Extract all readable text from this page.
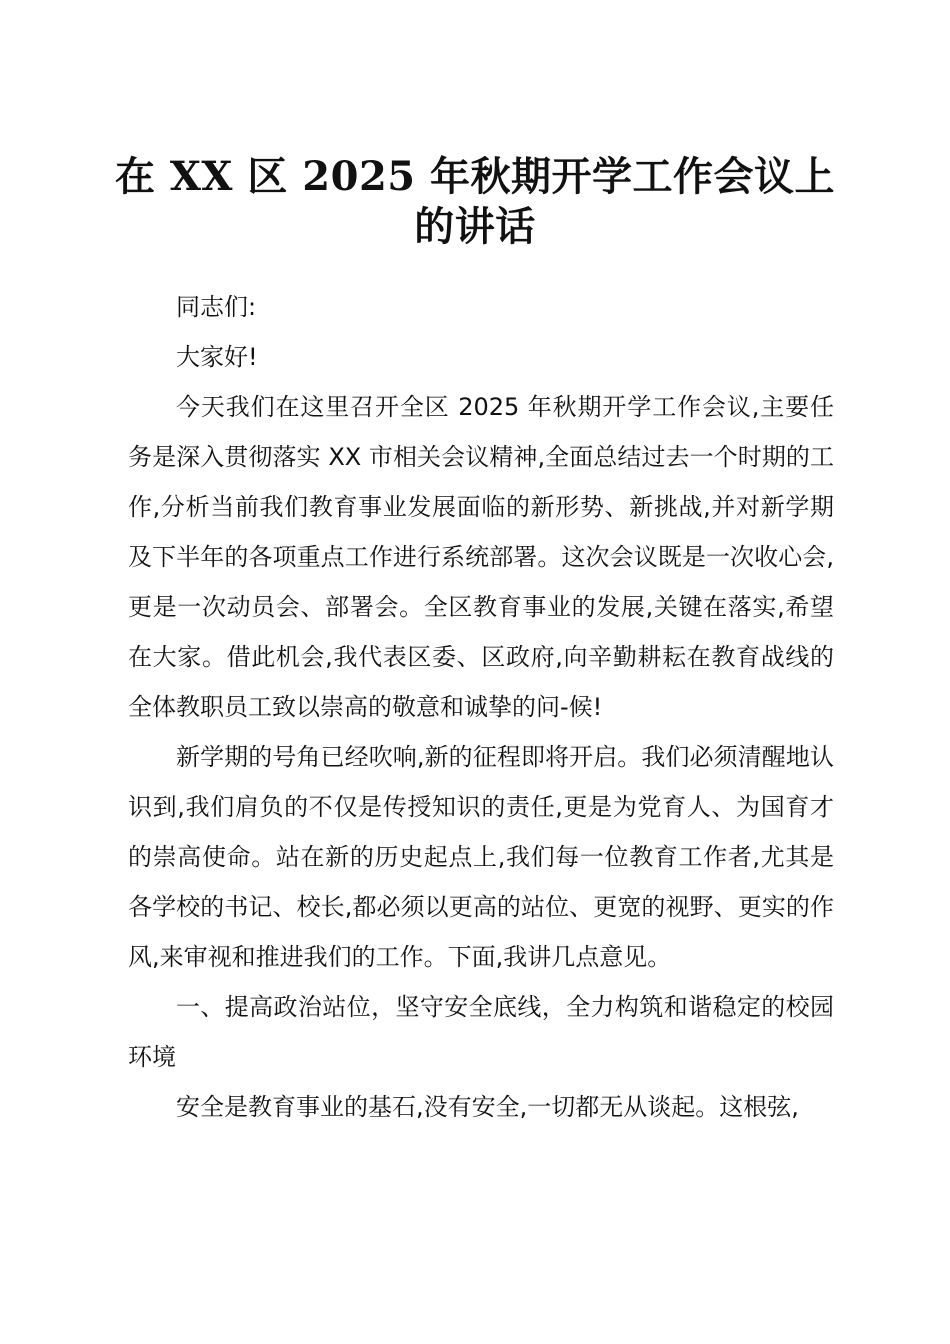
在 XX 区 2025 年秋期开学工作会议上的讲话

同志们:

大家好!

今天我们在这里召开全区 2025 年秋期开学工作会议,主要任务是深入贯彻落实 XX 市相关会议精神,全面总结过去一个时期的工作,分析当前我们教育事业发展面临的新形势、新挑战,并对新学期及下半年的各项重点工作进行系统部署。这次会议既是一次收心会,更是一次动员会、部署会。全区教育事业的发展,关键在落实,希望在大家。借此机会,我代表区委、区政府,向辛勤耕耘在教育战线的全体教职员工致以崇高的敬意和诚挚的问-候!

新学期的号角已经吹响,新的征程即将开启。我们必须清醒地认识到,我们肩负的不仅是传授知识的责任,更是为党育人、为国育才的崇高使命。站在新的历史起点上,我们每一位教育工作者,尤其是各学校的书记、校长,都必须以更高的站位、更宽的视野、更实的作风,来审视和推进我们的工作。下面,我讲几点意见。

一、提高政治站位，坚守安全底线，全力构筑和谐稳定的校园环境

安全是教育事业的基石,没有安全,一切都无从谈起。这根弦,
